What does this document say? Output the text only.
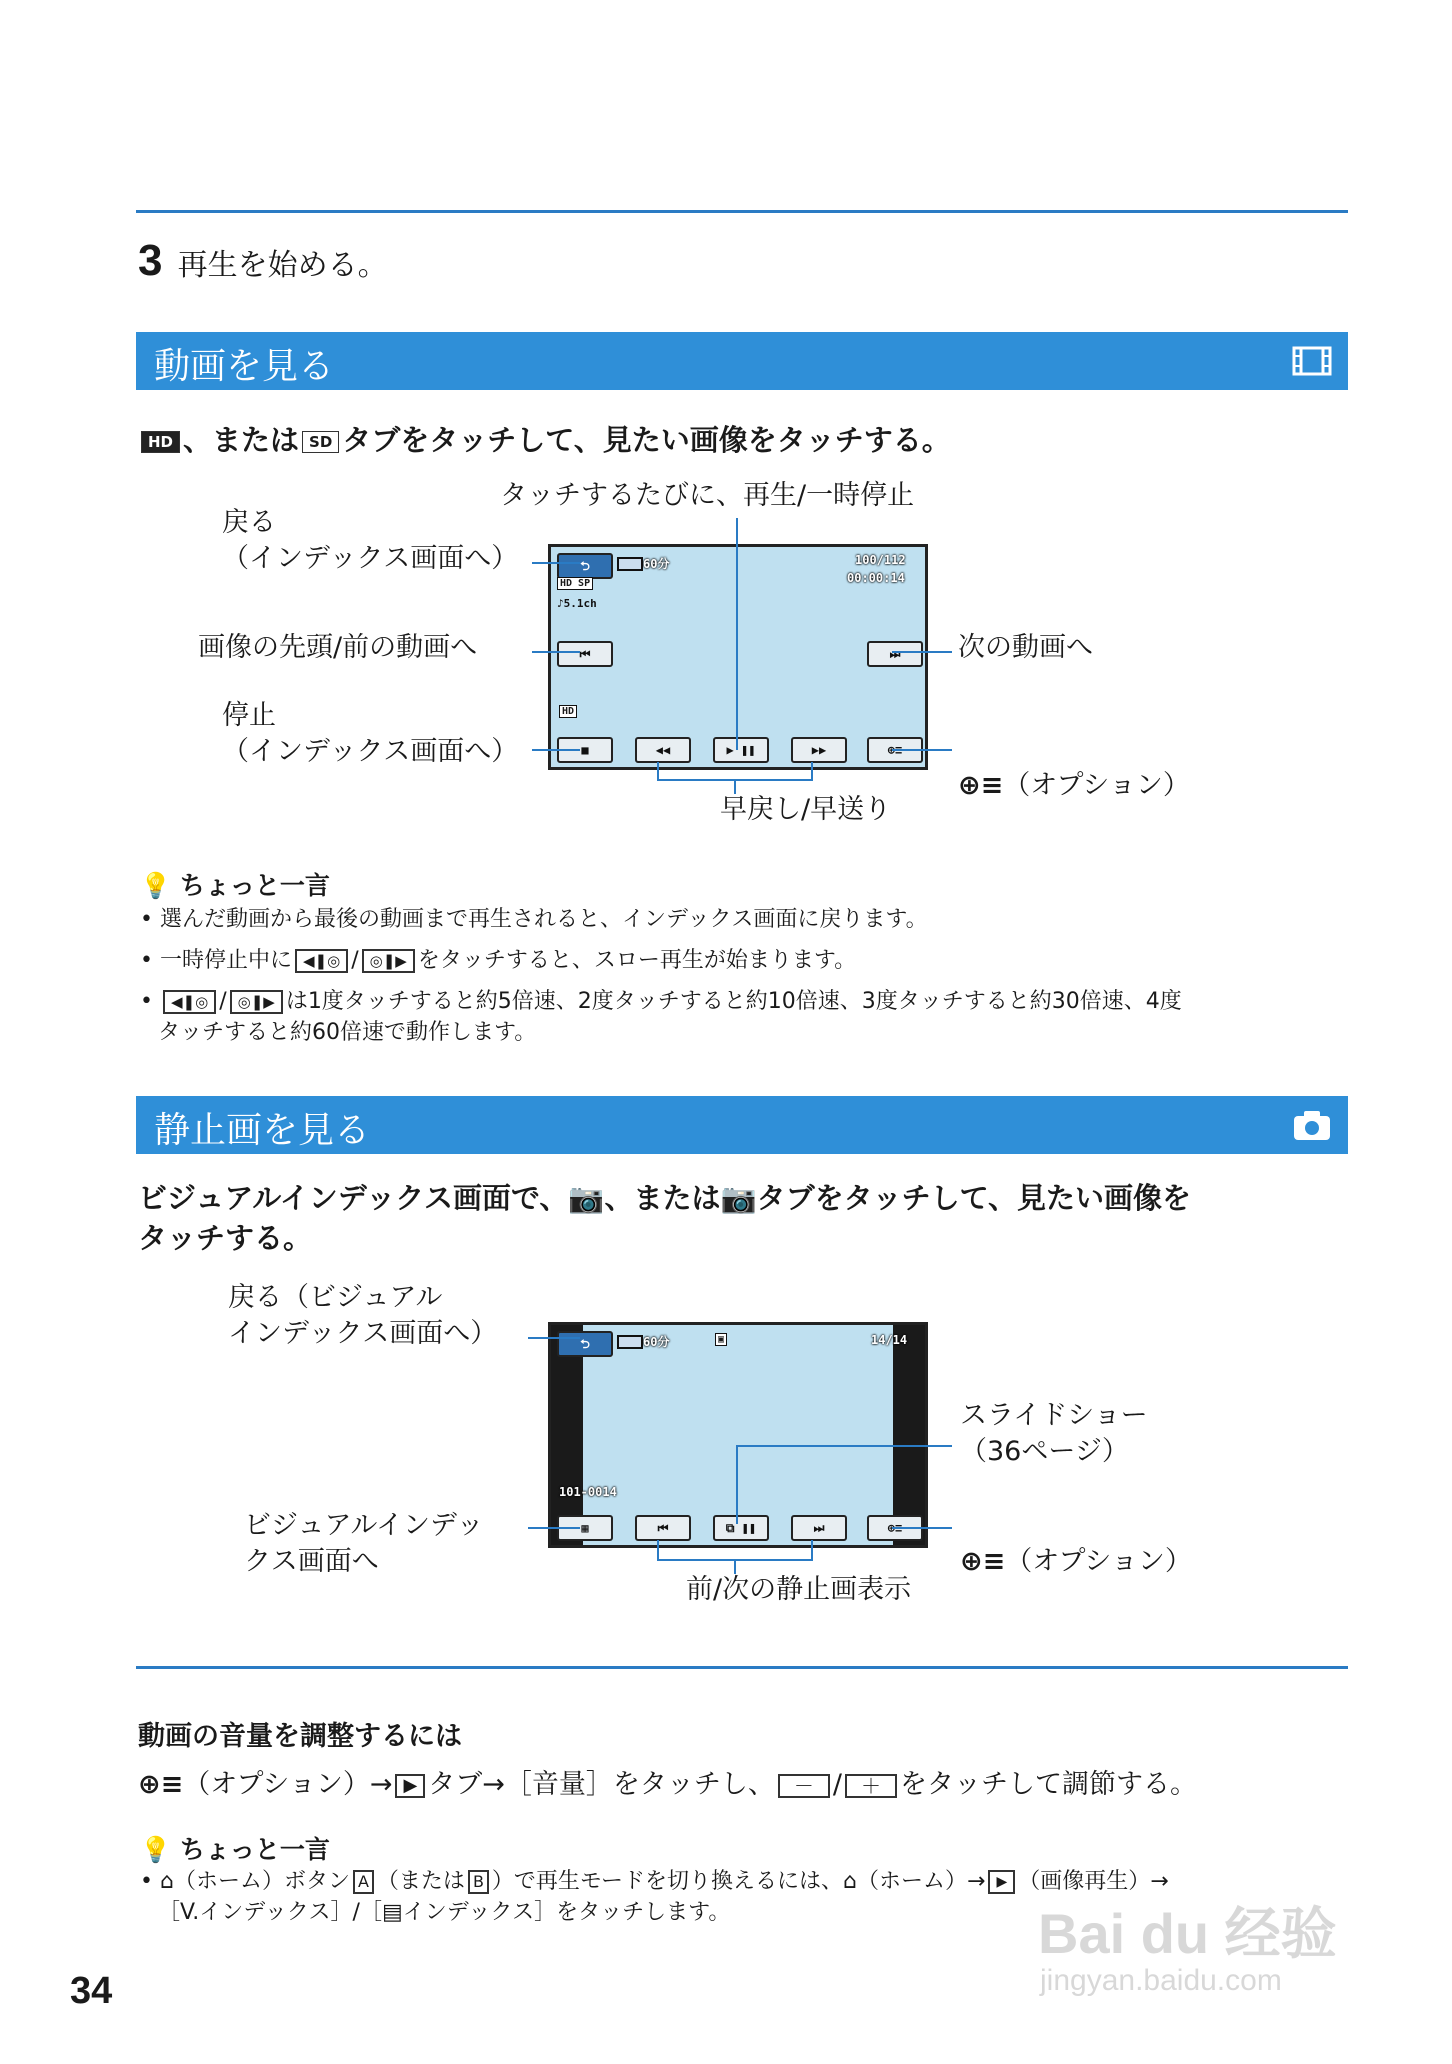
3 再生を始める。
動画を見る
HD 、または SD タブをタッチして、見たい画像をタッチする。
タッチするたびに、再生/一時停止
戻る
（インデックス画面へ）
画像の先頭/前の動画へ	次の動画へ
停止
（インデックス画面へ）

⊕≡（オプション）

早戻し/早送り
⮌	60分	100/112
00:00:14
HD SP
♪5.1ch
⏮	⏭
HD
■	◀◀	▶ ❚❚	▶▶	⊕≡
💡 ちょっと一言
• 選んだ動画から最後の動画まで再生されると、インデックス画面に戻ります。
• 一時停止中に ◀❚◎ / ◎❚▶ をタッチすると、スロー再生が始まります。
• ◀❚◎ / ◎❚▶ は1度タッチすると約5倍速、2度タッチすると約10倍速、3度タッチすると約30倍速、4度
タッチすると約60倍速で動作します。
静止画を見る
ビジュアルインデックス画面で、📷、または📷タブをタッチして、見たい画像を
タッチする。
戻る（ビジュアル
インデックス画面へ）
スライドショー
（36ページ）
ビジュアルインデッ
クス画面へ	⊕≡（オプション）

前/次の静止画表示
⮌	60分	▣	14/14
101-0014
▦	⏮	⧉ ❚❚	⏭	⊕≡
動画の音量を調整するには
⊕≡（オプション）→ ▶ タブ→［音量］をタッチし、 － / ＋ をタッチして調節する。
💡 ちょっと一言
• ⌂（ホーム）ボタン A （または B ）で再生モードを切り換えるには、⌂（ホーム）→ ▶ （画像再生）→
［V.インデックス］/［▤インデックス］をタッチします。
34
Bai du 经验
jingyan.baidu.com
